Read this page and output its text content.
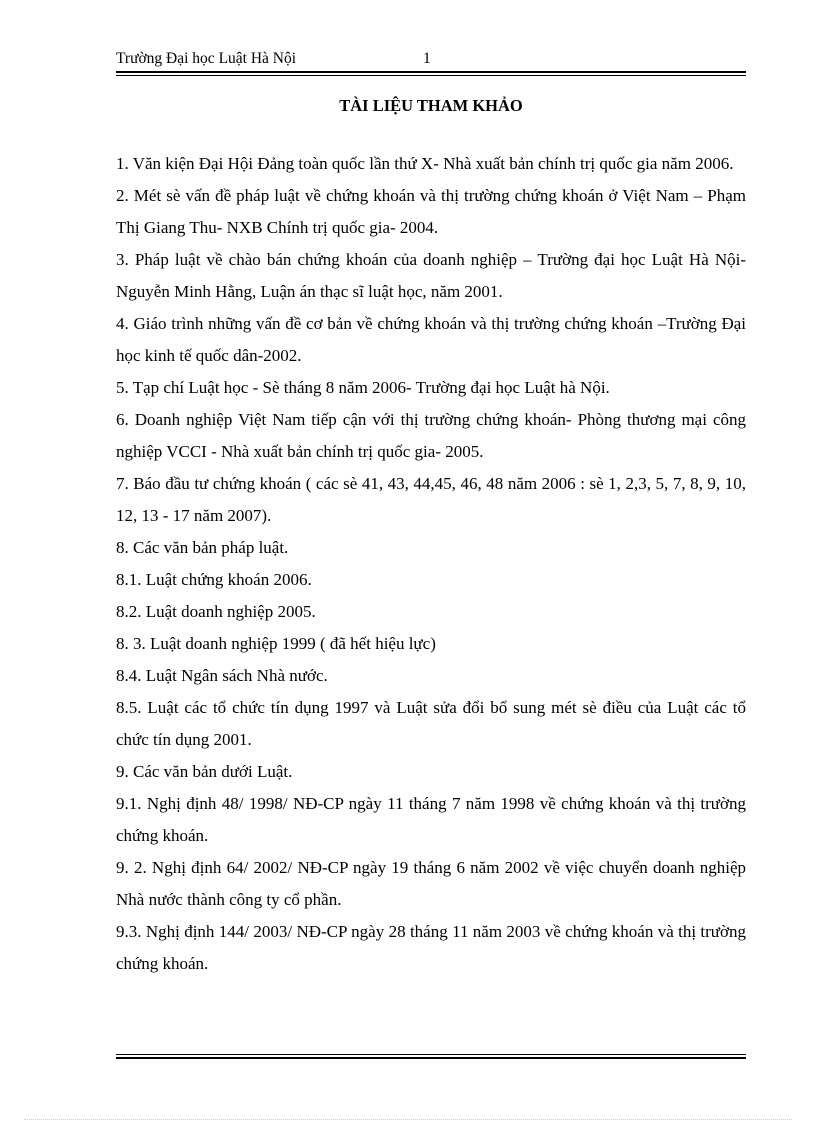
Trường Đại học Luật Hà Nội	1
TÀI LIỆU THAM KHẢO

1. Văn kiện Đại Hội Đảng toàn quốc lần thứ X- Nhà xuất bản chính trị quốc gia năm 2006.

2. Mét sè vấn đề pháp luật về chứng khoán và thị trường chứng khoán ở Việt Nam – Phạm Thị Giang Thu- NXB Chính trị quốc gia- 2004.

3. Pháp luật về chào bán chứng khoán của doanh nghiệp – Trường đại học Luật Hà Nội- Nguyễn Minh Hằng, Luận án thạc sĩ luật học, năm 2001.

4. Giáo trình những vấn đề cơ bản về chứng khoán và thị trường chứng khoán –Trường Đại học kinh tế quốc dân-2002.

5. Tạp chí Luật học - Sè tháng 8 năm 2006- Trường đại học Luật hà Nội.

6. Doanh nghiệp Việt Nam tiếp cận với thị trường chứng khoán- Phòng thương mại công nghiệp VCCI - Nhà xuất bản chính trị quốc gia- 2005.

7. Báo đầu tư chứng khoán ( các sè 41, 43, 44,45, 46, 48 năm 2006 : sè 1, 2,3, 5, 7, 8, 9, 10, 12, 13 - 17 năm 2007).

8. Các văn bản pháp luật.

8.1. Luật chứng khoán 2006.

8.2. Luật doanh nghiệp 2005.

8. 3. Luật doanh nghiệp 1999 ( đã hết hiệu lực)

8.4. Luật Ngân sách Nhà nước.

8.5. Luật các tổ chức tín dụng 1997 và Luật sửa đổi bổ sung mét sè điều của Luật các tổ chức tín dụng 2001.

9. Các văn bản dưới Luật.

9.1. Nghị định 48/ 1998/ NĐ-CP ngày 11 tháng 7 năm 1998 về chứng khoán và thị trường chứng khoán.

9. 2. Nghị định 64/ 2002/ NĐ-CP ngày 19 tháng 6 năm 2002 về việc chuyển doanh nghiệp Nhà nước thành công ty cổ phần.

9.3. Nghị định 144/ 2003/ NĐ-CP ngày 28 tháng 11 năm 2003 về chứng khoán và thị trường chứng khoán.
